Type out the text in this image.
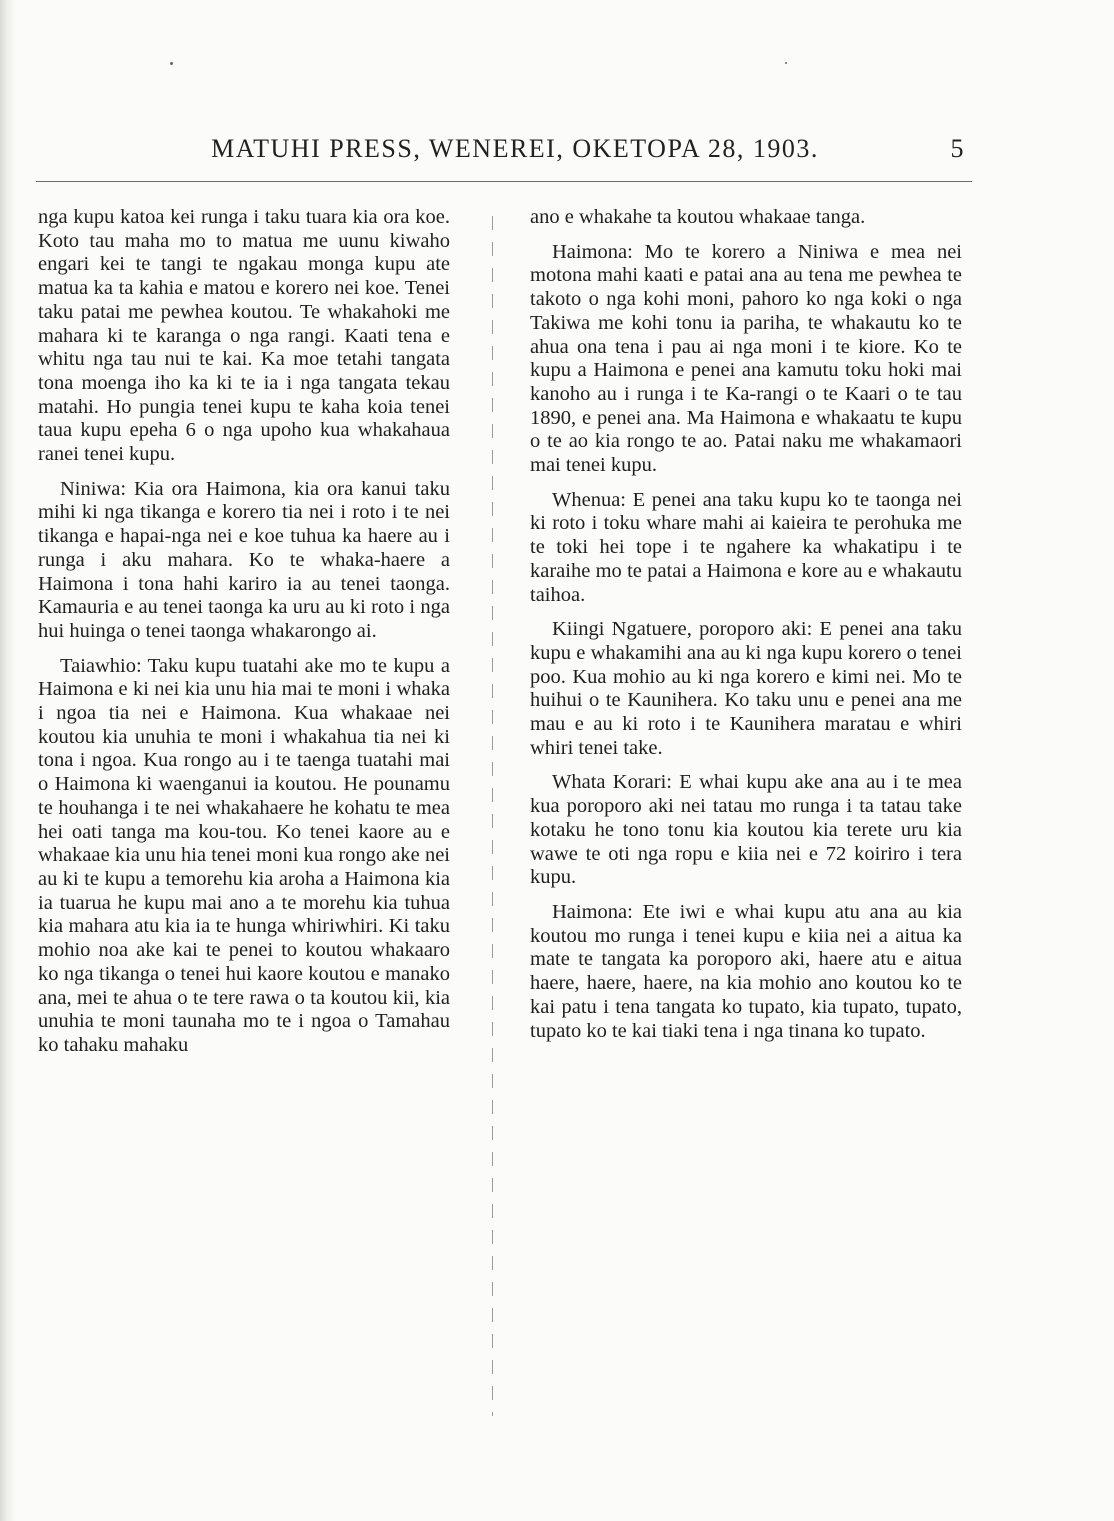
MATUHI PRESS, WENEREI, OKETOPA 28, 1903.	5

nga kupu katoa kei runga i taku tuara kia ora koe. Koto tau maha mo to matua me uunu kiwaho engari kei te tangi te ngakau monga kupu ate matua ka ta kahia e matou e korero nei koe. Tenei taku patai me pewhea koutou. Te whakahoki me mahara ki te karanga o nga rangi. Kaati tena e whitu nga tau nui te kai. Ka moe tetahi tangata tona moenga iho ka ki te ia i nga tangata tekau matahi. Ho pungia tenei kupu te kaha koia tenei taua kupu epeha 6 o nga upoho kua whakahaua ranei tenei kupu.

Niniwa: Kia ora Haimona, kia ora kanui taku mihi ki nga tikanga e korero tia nei i roto i te nei tikanga e hapai-nga nei e koe tuhua ka haere au i runga i aku mahara. Ko te whaka-haere a Haimona i tona hahi kariro ia au tenei taonga. Kamauria e au tenei taonga ka uru au ki roto i nga hui huinga o tenei taonga whakarongo ai.

Taiawhio: Taku kupu tuatahi ake mo te kupu a Haimona e ki nei kia unu hia mai te moni i whaka i ngoa tia nei e Haimona. Kua whakaae nei koutou kia unuhia te moni i whakahua tia nei ki tona i ngoa. Kua rongo au i te taenga tuatahi mai o Haimona ki waenganui ia koutou. He pounamu te houhanga i te nei whakahaere he kohatu te mea hei oati tanga ma kou-tou. Ko tenei kaore au e whakaae kia unu hia tenei moni kua rongo ake nei au ki te kupu a temorehu kia aroha a Haimona kia ia tuarua he kupu mai ano a te morehu kia tuhua kia mahara atu kia ia te hunga whiriwhiri. Ki taku mohio noa ake kai te penei to koutou whakaaro ko nga tikanga o tenei hui kaore koutou e manako ana, mei te ahua o te tere rawa o ta koutou kii, kia unuhia te moni taunaha mo te i ngoa o Tamahau ko tahaku mahaku

ano e whakahe ta koutou whakaae tanga.

Haimona: Mo te korero a Niniwa e mea nei motona mahi kaati e patai ana au tena me pewhea te takoto o nga kohi moni, pahoro ko nga koki o nga Takiwa me kohi tonu ia pariha, te whakautu ko te ahua ona tena i pau ai nga moni i te kiore. Ko te kupu a Haimona e penei ana kamutu toku hoki mai kanoho au i runga i te Ka-rangi o te Kaari o te tau 1890, e penei ana. Ma Haimona e whakaatu te kupu o te ao kia rongo te ao. Patai naku me whakamaori mai tenei kupu.

Whenua: E penei ana taku kupu ko te taonga nei ki roto i toku whare mahi ai kaieira te perohuka me te toki hei tope i te ngahere ka whakatipu i te karaihe mo te patai a Haimona e kore au e whakautu taihoa.

Kiingi Ngatuere, poroporo aki: E penei ana taku kupu e whakamihi ana au ki nga kupu korero o tenei poo. Kua mohio au ki nga korero e kimi nei. Mo te huihui o te Kaunihera. Ko taku unu e penei ana me mau e au ki roto i te Kaunihera maratau e whiri whiri tenei take.

Whata Korari: E whai kupu ake ana au i te mea kua poroporo aki nei tatau mo runga i ta tatau take kotaku he tono tonu kia koutou kia terete uru kia wawe te oti nga ropu e kiia nei e 72 koiriro i tera kupu.

Haimona: Ete iwi e whai kupu atu ana au kia koutou mo runga i tenei kupu e kiia nei a aitua ka mate te tangata ka poroporo aki, haere atu e aitua haere, haere, haere, na kia mohio ano koutou ko te kai patu i tena tangata ko tupato, kia tupato, tupato, tupato ko te kai tiaki tena i nga tinana ko tupato.
